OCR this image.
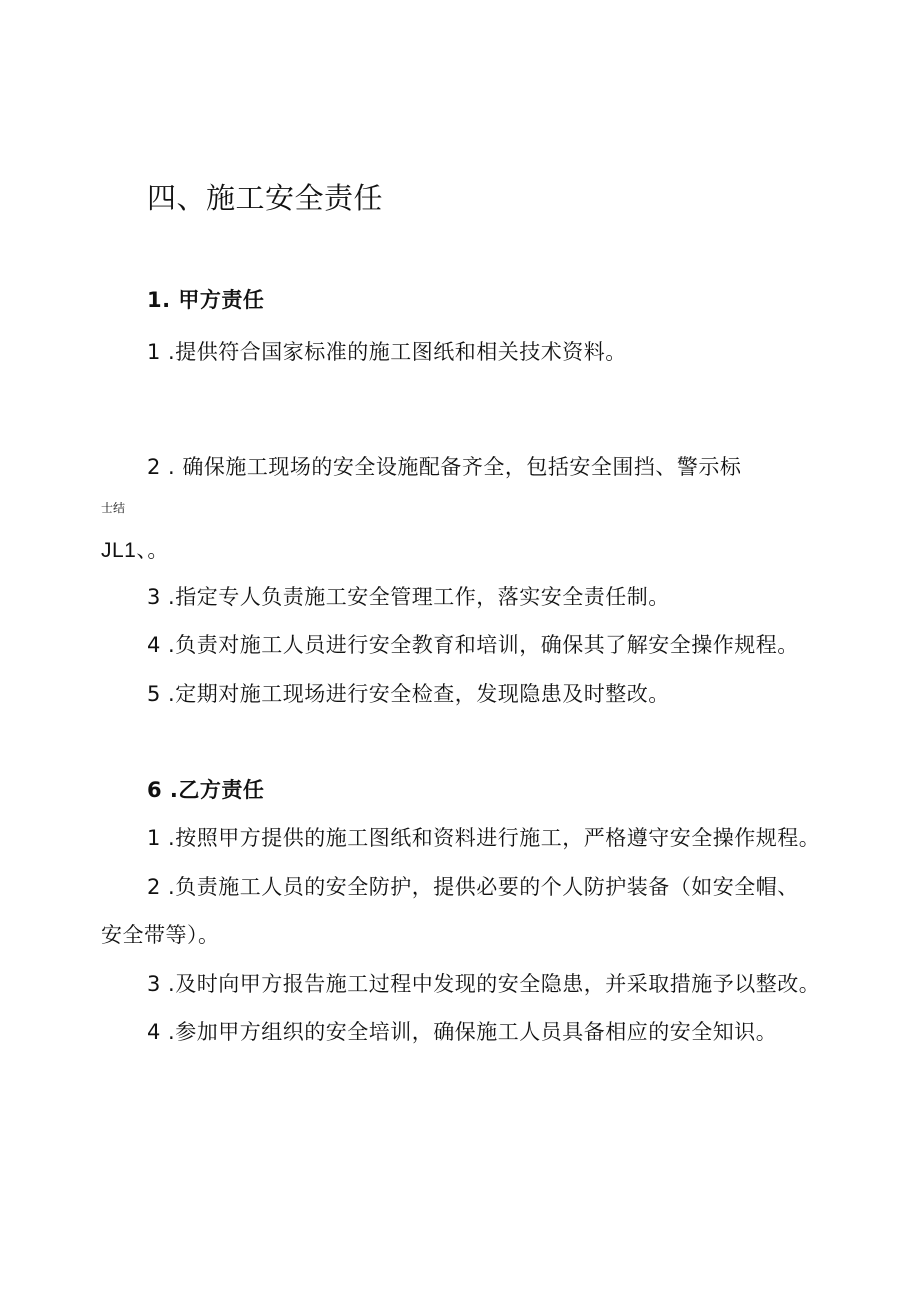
四、施工安全责任
1. 甲方责任
1 .提供符合国家标准的施工图纸和相关技术资料。
2 . 确保施工现场的安全设施配备齐全，包括安全围挡、警示标
士结
JL1、。
3 .指定专人负责施工安全管理工作，落实安全责任制。
4 .负责对施工人员进行安全教育和培训，确保其了解安全操作规程。
5 .定期对施工现场进行安全检查，发现隐患及时整改。
6 .乙方责任
1 .按照甲方提供的施工图纸和资料进行施工，严格遵守安全操作规程。
2 .负责施工人员的安全防护，提供必要的个人防护装备（如安全帽、
安全带等）。
3 .及时向甲方报告施工过程中发现的安全隐患，并采取措施予以整改。
4 .参加甲方组织的安全培训，确保施工人员具备相应的安全知识。
